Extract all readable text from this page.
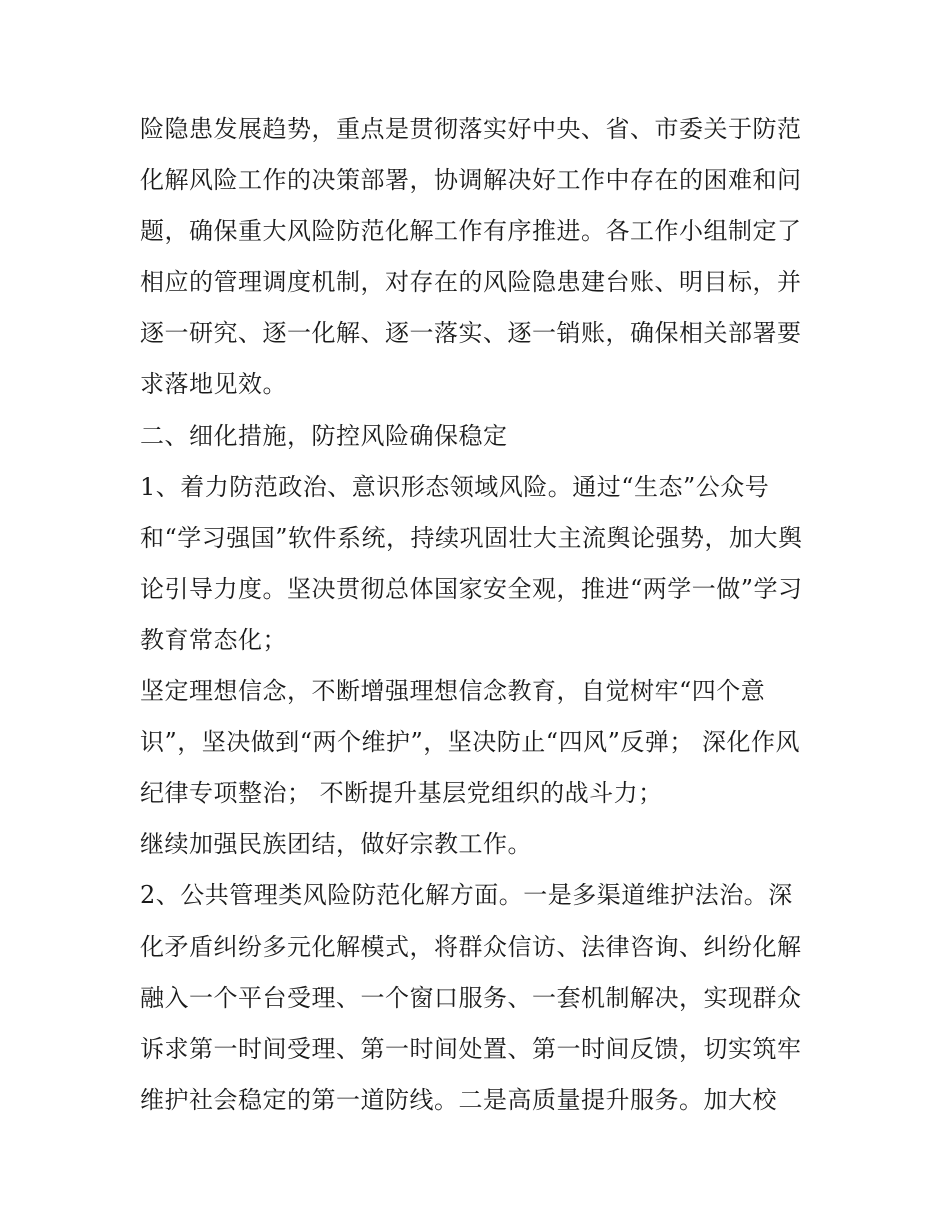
险隐患发展趋势，重点是贯彻落实好中央、省、市委关于防范
化解风险工作的决策部署，协调解决好工作中存在的困难和问
题，确保重大风险防范化解工作有序推进。各工作小组制定了
相应的管理调度机制，对存在的风险隐患建台账、明目标，并
逐一研究、逐一化解、逐一落实、逐一销账，确保相关部署要
求落地见效。
二、细化措施，防控风险确保稳定
1、着力防范政治、意识形态领域风险。通过“生态”公众号
和“学习强国”软件系统，持续巩固壮大主流舆论强势，加大舆
论引导力度。坚决贯彻总体国家安全观，推进“两学一做”学习
教育常态化；
坚定理想信念，不断增强理想信念教育，自觉树牢“四个意
识”，坚决做到“两个维护”，坚决防止“四风”反弹； 深化作风
纪律专项整治； 不断提升基层党组织的战斗力；
继续加强民族团结，做好宗教工作。
2、公共管理类风险防范化解方面。一是多渠道维护法治。深
化矛盾纠纷多元化解模式，将群众信访、法律咨询、纠纷化解
融入一个平台受理、一个窗口服务、一套机制解决，实现群众
诉求第一时间受理、第一时间处置、第一时间反馈，切实筑牢
维护社会稳定的第一道防线。二是高质量提升服务。加大校
